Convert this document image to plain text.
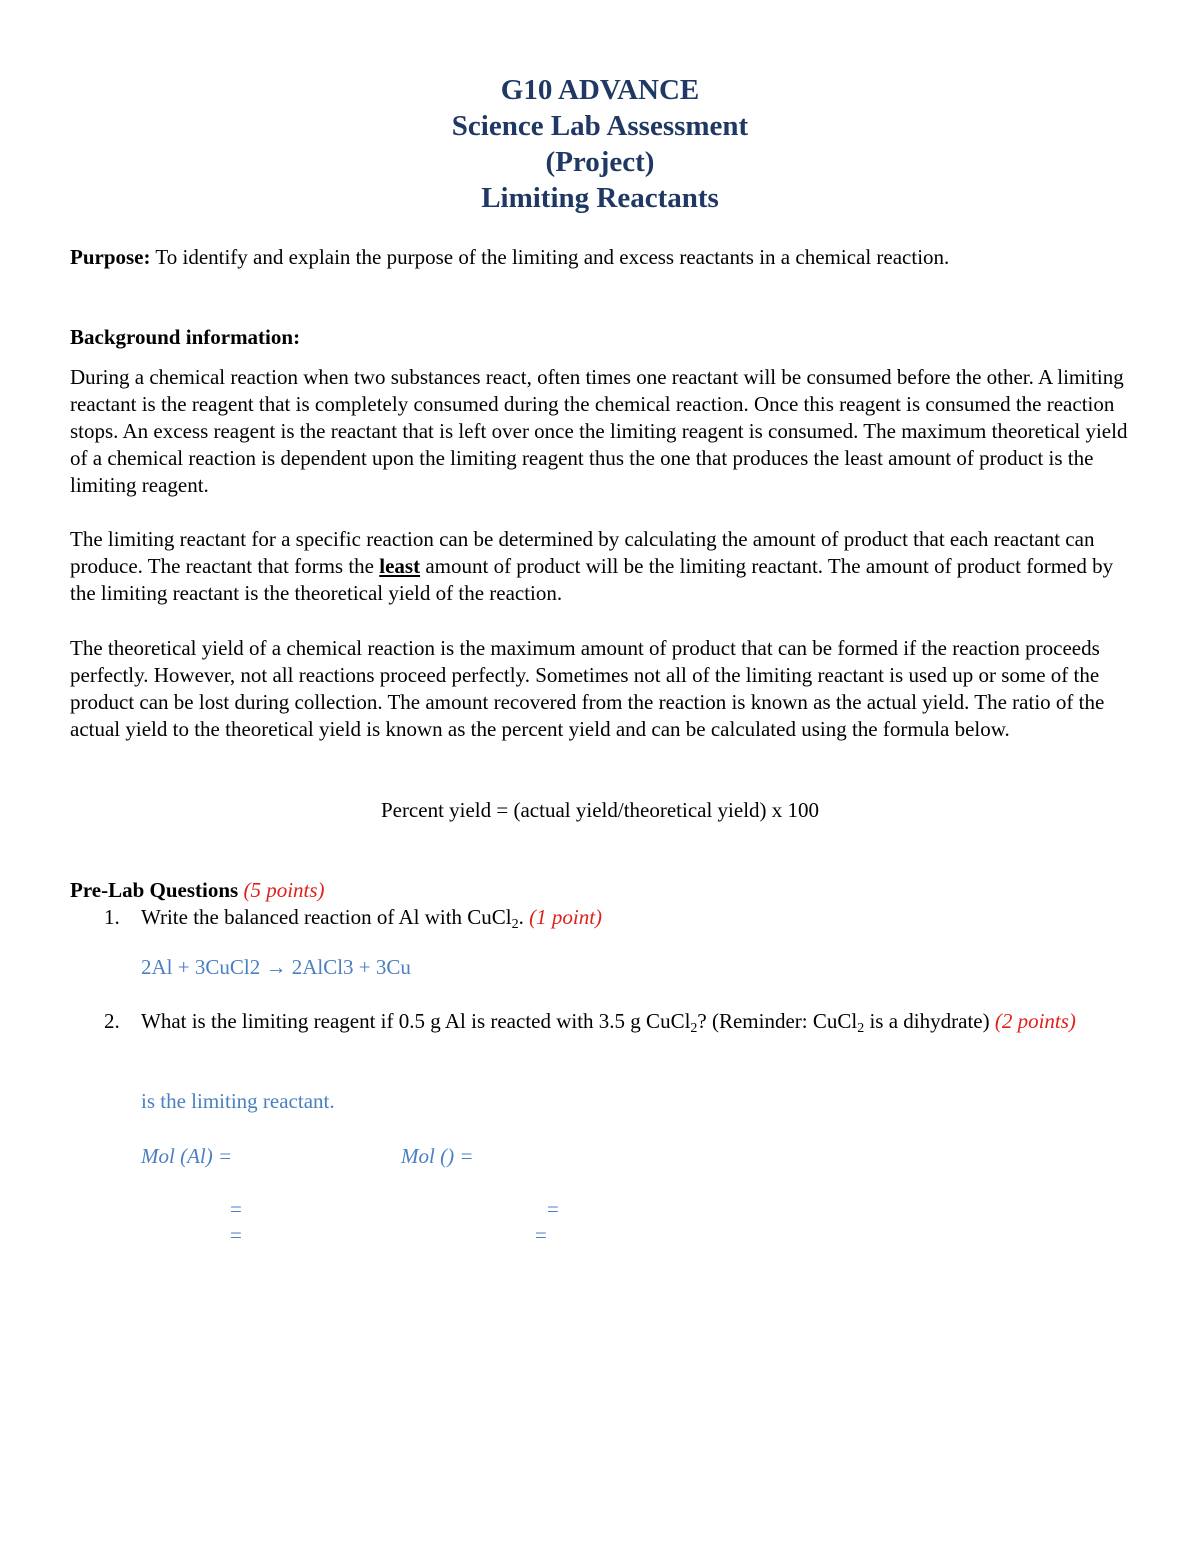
G10 ADVANCE
Science Lab Assessment
(Project)
Limiting Reactants
Purpose: To identify and explain the purpose of the limiting and excess reactants in a chemical reaction.
Background information:
During a chemical reaction when two substances react, often times one reactant will be consumed before the other. A limiting reactant is the reagent that is completely consumed during the chemical reaction. Once this reagent is consumed the reaction stops. An excess reagent is the reactant that is left over once the limiting reagent is consumed. The maximum theoretical yield of a chemical reaction is dependent upon the limiting reagent thus the one that produces the least amount of product is the limiting reagent.
The limiting reactant for a specific reaction can be determined by calculating the amount of product that each reactant can produce. The reactant that forms the least amount of product will be the limiting reactant. The amount of product formed by the limiting reactant is the theoretical yield of the reaction.
The theoretical yield of a chemical reaction is the maximum amount of product that can be formed if the reaction proceeds perfectly. However, not all reactions proceed perfectly. Sometimes not all of the limiting reactant is used up or some of the product can be lost during collection. The amount recovered from the reaction is known as the actual yield. The ratio of the actual yield to the theoretical yield is known as the percent yield and can be calculated using the formula below.
Percent yield = (actual yield/theoretical yield) x 100
Pre-Lab Questions (5 points)
1. Write the balanced reaction of Al with CuCl$_2$. (1 point)
2Al + 3CuCl2 → 2AlCl3 + 3Cu
2. What is the limiting reagent if 0.5 g Al is reacted with 3.5 g CuCl$_2$? (Reminder: CuCl$_2$ is a dihydrate) (2 points)
is the limiting reactant.
Mol (Al) =	Mol () =
=	=
=	=
